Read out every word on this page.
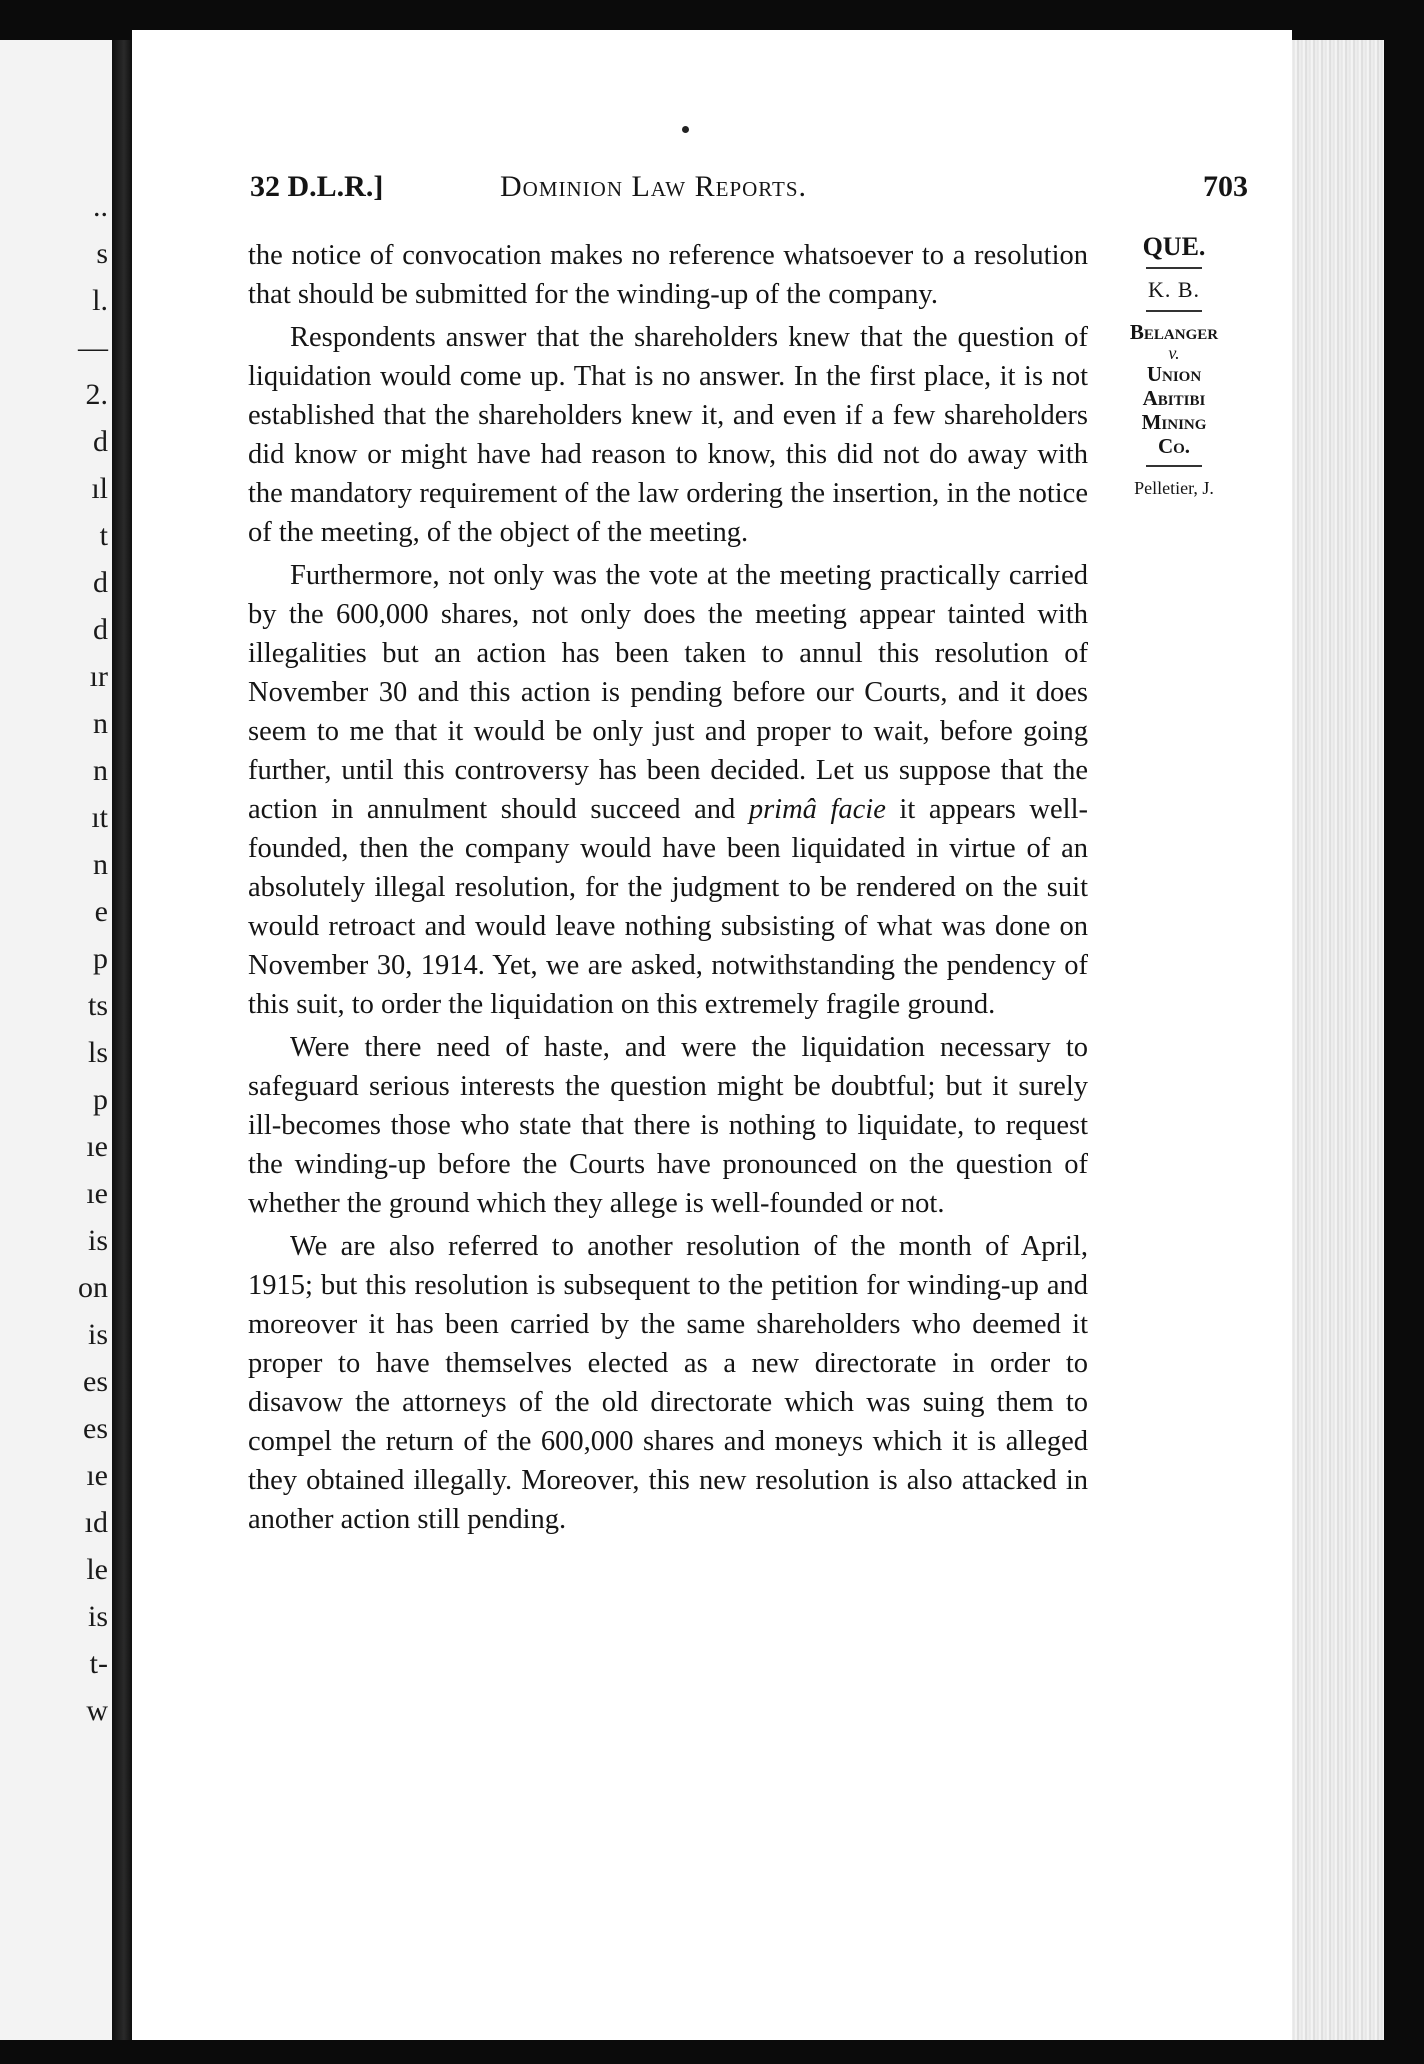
..
s
l.
—
2.
d
ıl
t
d
d
ır
n
n
ıt
n
e
p
ts
ls
p
ıe
ıe
is
on
is
es
es
ıe
ıd
le
is
t-
w
32 D.L.R.]	Dominion Law Reports.	703
QUE.
K. B.
Belanger
v.
Union
Abitibi
Mining
Co.
Pelletier, J.

the notice of convocation makes no reference whatsoever to a resolution that should be submitted for the winding-up of the company.

Respondents answer that the shareholders knew that the question of liquidation would come up. That is no answer. In the first place, it is not established that the shareholders knew it, and even if a few shareholders did know or might have had reason to know, this did not do away with the mandatory requirement of the law ordering the insertion, in the notice of the meeting, of the object of the meeting.

Furthermore, not only was the vote at the meeting practically carried by the 600,000 shares, not only does the meeting appear tainted with illegalities but an action has been taken to annul this resolution of November 30 and this action is pending before our Courts, and it does seem to me that it would be only just and proper to wait, before going further, until this controversy has been decided. Let us suppose that the action in annulment should succeed and primâ facie it appears well-founded, then the company would have been liquidated in virtue of an absolutely illegal resolution, for the judgment to be rendered on the suit would retroact and would leave nothing subsisting of what was done on November 30, 1914. Yet, we are asked, notwithstanding the pendency of this suit, to order the liquidation on this extremely fragile ground.

Were there need of haste, and were the liquidation necessary to safeguard serious interests the question might be doubtful; but it surely ill-becomes those who state that there is nothing to liquidate, to request the winding-up before the Courts have pronounced on the question of whether the ground which they allege is well-founded or not.

We are also referred to another resolution of the month of April, 1915; but this resolution is subsequent to the petition for winding-up and moreover it has been carried by the same shareholders who deemed it proper to have themselves elected as a new directorate in order to disavow the attorneys of the old directorate which was suing them to compel the return of the 600,000 shares and moneys which it is alleged they obtained illegally. Moreover, this new resolution is also attacked in another action still pending.
